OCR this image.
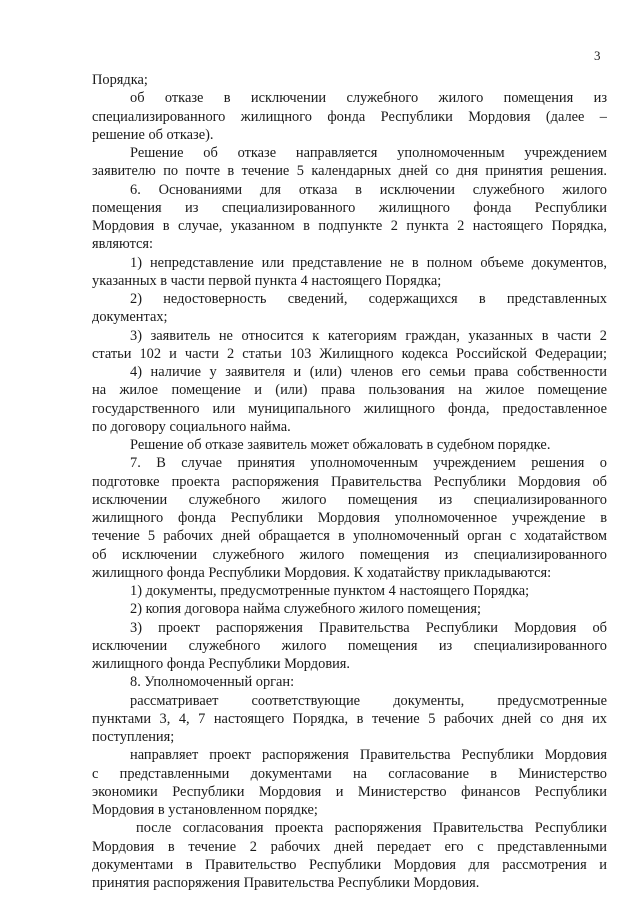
3
Порядка;
об отказе в исключении служебного жилого помещения из
специализированного жилищного фонда Республики Мордовия (далее –
решение об отказе).
Решение об отказе направляется уполномоченным учреждением
заявителю по почте в течение 5 календарных дней со дня принятия решения.
6. Основаниями для отказа в исключении служебного жилого
помещения из специализированного жилищного фонда Республики
Мордовия в случае, указанном в подпункте 2 пункта 2 настоящего Порядка,
являются:
1) непредставление или представление не в полном объеме документов,
указанных в части первой пункта 4 настоящего Порядка;
2) недостоверность сведений, содержащихся в представленных
документах;
3) заявитель не относится к категориям граждан, указанных в части 2
статьи 102 и части 2 статьи 103 Жилищного кодекса Российской Федерации;
4) наличие у заявителя и (или) членов его семьи права собственности
на жилое помещение и (или) права пользования на жилое помещение
государственного или муниципального жилищного фонда, предоставленное
по договору социального найма.
Решение об отказе заявитель может обжаловать в судебном порядке.
7. В случае принятия уполномоченным учреждением решения о
подготовке проекта распоряжения Правительства Республики Мордовия об
исключении служебного жилого помещения из специализированного
жилищного фонда Республики Мордовия уполномоченное учреждение в
течение 5 рабочих дней обращается в уполномоченный орган с ходатайством
об исключении служебного жилого помещения из специализированного
жилищного фонда Республики Мордовия. К ходатайству прикладываются:
1) документы, предусмотренные пунктом 4 настоящего Порядка;
2) копия договора найма служебного жилого помещения;
3) проект распоряжения Правительства Республики Мордовия об
исключении служебного жилого помещения из специализированного
жилищного фонда Республики Мордовия.
8. Уполномоченный орган:
рассматривает соответствующие документы, предусмотренные
пунктами 3, 4, 7 настоящего Порядка, в течение 5 рабочих дней со дня их
поступления;
направляет проект распоряжения Правительства Республики Мордовия
с представленными документами на согласование в Министерство
экономики Республики Мордовия и Министерство финансов Республики
Мордовия в установленном порядке;
после согласования проекта распоряжения Правительства Республики
Мордовия в течение 2 рабочих дней передает его с представленными
документами в Правительство Республики Мордовия для рассмотрения и
принятия распоряжения Правительства Республики Мордовия.
